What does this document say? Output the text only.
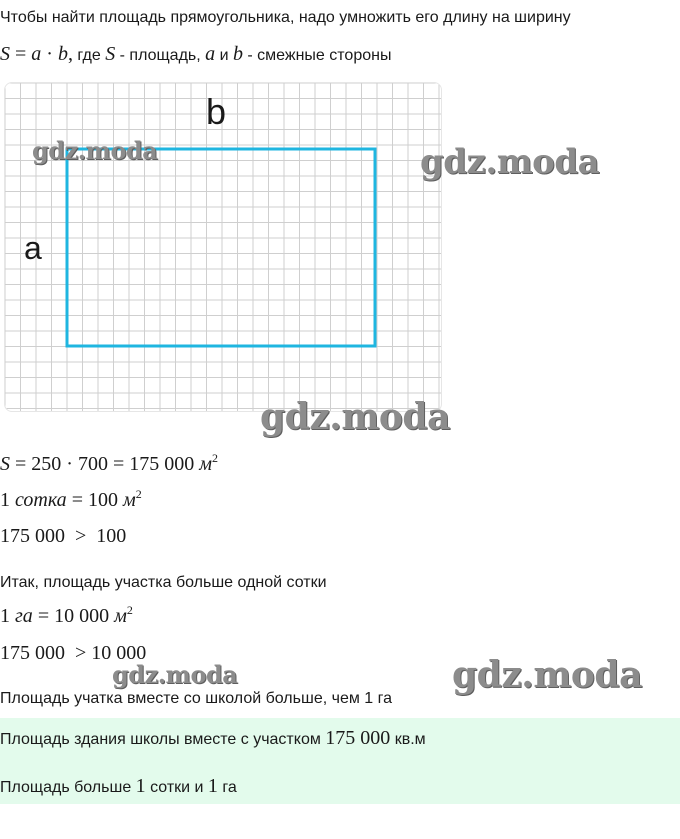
Чтобы найти площадь прямоугольника, надо умножить его длину на ширину
S = a · b, где S - площадь, a и b - смежные стороны
b
a
gdz.moda	gdz.moda
gdz.moda
gdz.moda	gdz.moda
S = 250 · 700 = 175 000 $м^2$
1 сотка = 100 $м^2$
175 000  >  100
Итак, площадь участка больше одной сотки
1 га = 10 000 $м^2$
175 000  > 10 000
Площадь учатка вместе со школой больше, чем 1 га
Площадь здания школы вместе с участком 175 000 кв.м
Площадь больше 1 сотки и 1 га
